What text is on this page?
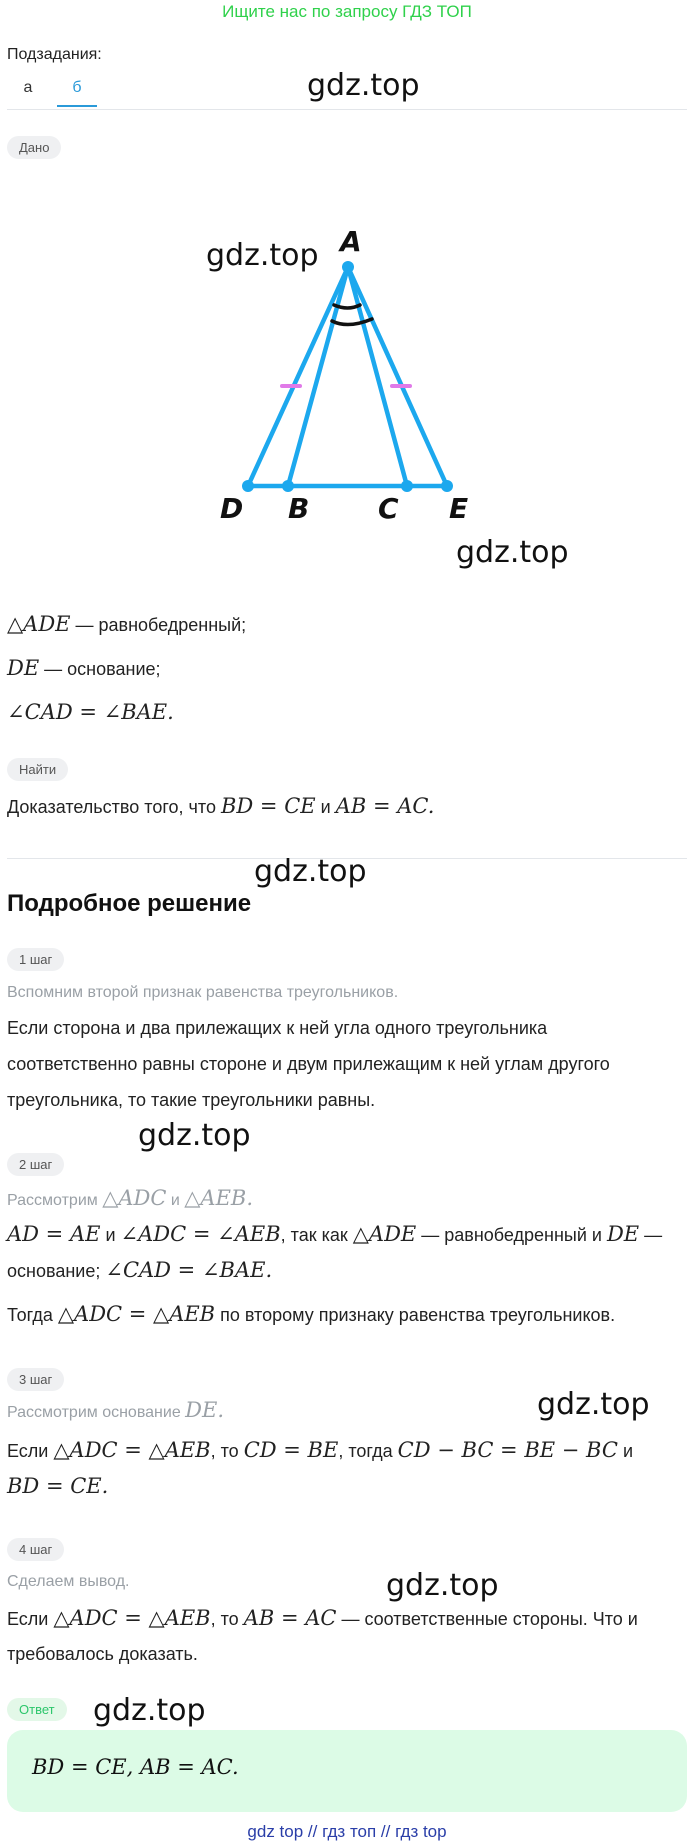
Ищите нас по запросу ГДЗ ТОП
Подзадания:
а	б	gdz.top
Дано
A
D B C E
gdz.top
gdz.top
△ADE — равнобедренный;
DE — основание;
∠CAD = ∠BAE.
Найти
Доказательство того, что BD = CE и AB = AC.
gdz.top
Подробное решение
1 шаг
Вспомним второй признак равенства треугольников.
Если сторона и два прилежащих к ней угла одного треугольника
соответственно равны стороне и двум прилежащим к ней углам другого
треугольника, то такие треугольники равны.
gdz.top
2 шаг
Рассмотрим △ADC и △AEB.
AD = AE и ∠ADC = ∠AEB, так как △ADE — равнобедренный и DE —
основание; ∠CAD = ∠BAE.
Тогда △ADC = △AEB по второму признаку равенства треугольников.
3 шаг
Рассмотрим основание DE.	gdz.top
Если △ADC = △AEB, то CD = BE, тогда CD − BC = BE − BC и
BD = CE.
4 шаг
Сделаем вывод.	gdz.top
Если △ADC = △AEB, то AB = AC — соответственные стороны. Что и
требовалось доказать.
Ответ	gdz.top
BD = CE, AB = AC.
gdz top // гдз топ // гдз top
